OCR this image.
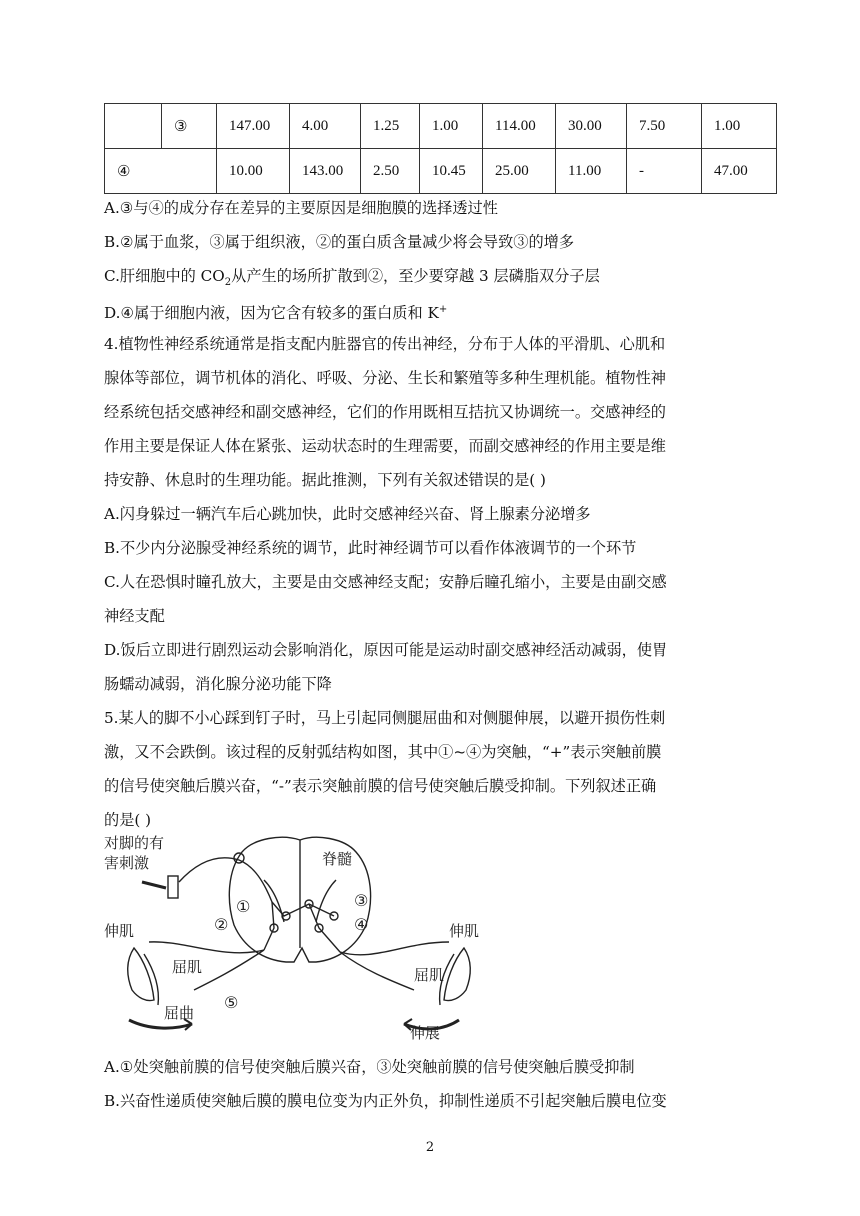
	③	147.00	4.00	1.25	1.00	114.00	30.00	7.50	1.00
④		10.00	143.00	2.50	10.45	25.00	11.00	-	47.00
A.③与④的成分存在差异的主要原因是细胞膜的选择透过性
B.②属于血浆，③属于组织液，②的蛋白质含量减少将会导致③的增多
C.肝细胞中的 $CO_2$从产生的场所扩散到②，至少要穿越 3 层磷脂双分子层
D.④属于细胞内液，因为它含有较多的蛋白质和 K+
4.植物性神经系统通常是指支配内脏器官的传出神经，分布于人体的平滑肌、心肌和
腺体等部位，调节机体的消化、呼吸、分泌、生长和繁殖等多种生理机能。植物性神
经系统包括交感神经和副交感神经，它们的作用既相互拮抗又协调统一。交感神经的
作用主要是保证人体在紧张、运动状态时的生理需要，而副交感神经的作用主要是维
持安静、休息时的生理功能。据此推测，下列有关叙述错误的是( )
A.闪身躲过一辆汽车后心跳加快，此时交感神经兴奋、肾上腺素分泌增多
B.不少内分泌腺受神经系统的调节，此时神经调节可以看作体液调节的一个环节
C.人在恐惧时瞳孔放大，主要是由交感神经支配；安静后瞳孔缩小，主要是由副交感
神经支配
D.饭后立即进行剧烈运动会影响消化，原因可能是运动时副交感神经活动减弱，使胃
肠蠕动减弱，消化腺分泌功能下降
5.某人的脚不小心踩到钉子时，马上引起同侧腿屈曲和对侧腿伸展，以避开损伤性刺
激，又不会跌倒。该过程的反射弧结构如图，其中①~④为突触，“+”表示突触前膜
的信号使突触后膜兴奋，“-”表示突触前膜的信号使突触后膜受抑制。下列叙述正确
的是( )
对脚的有
害刺激	脊髓
伸肌
屈肌
屈曲
伸肌
屈肌
伸展
①
②
③
④
⑤
A.①处突触前膜的信号使突触后膜兴奋，③处突触前膜的信号使突触后膜受抑制
B.兴奋性递质使突触后膜的膜电位变为内正外负，抑制性递质不引起突触后膜电位变
2
